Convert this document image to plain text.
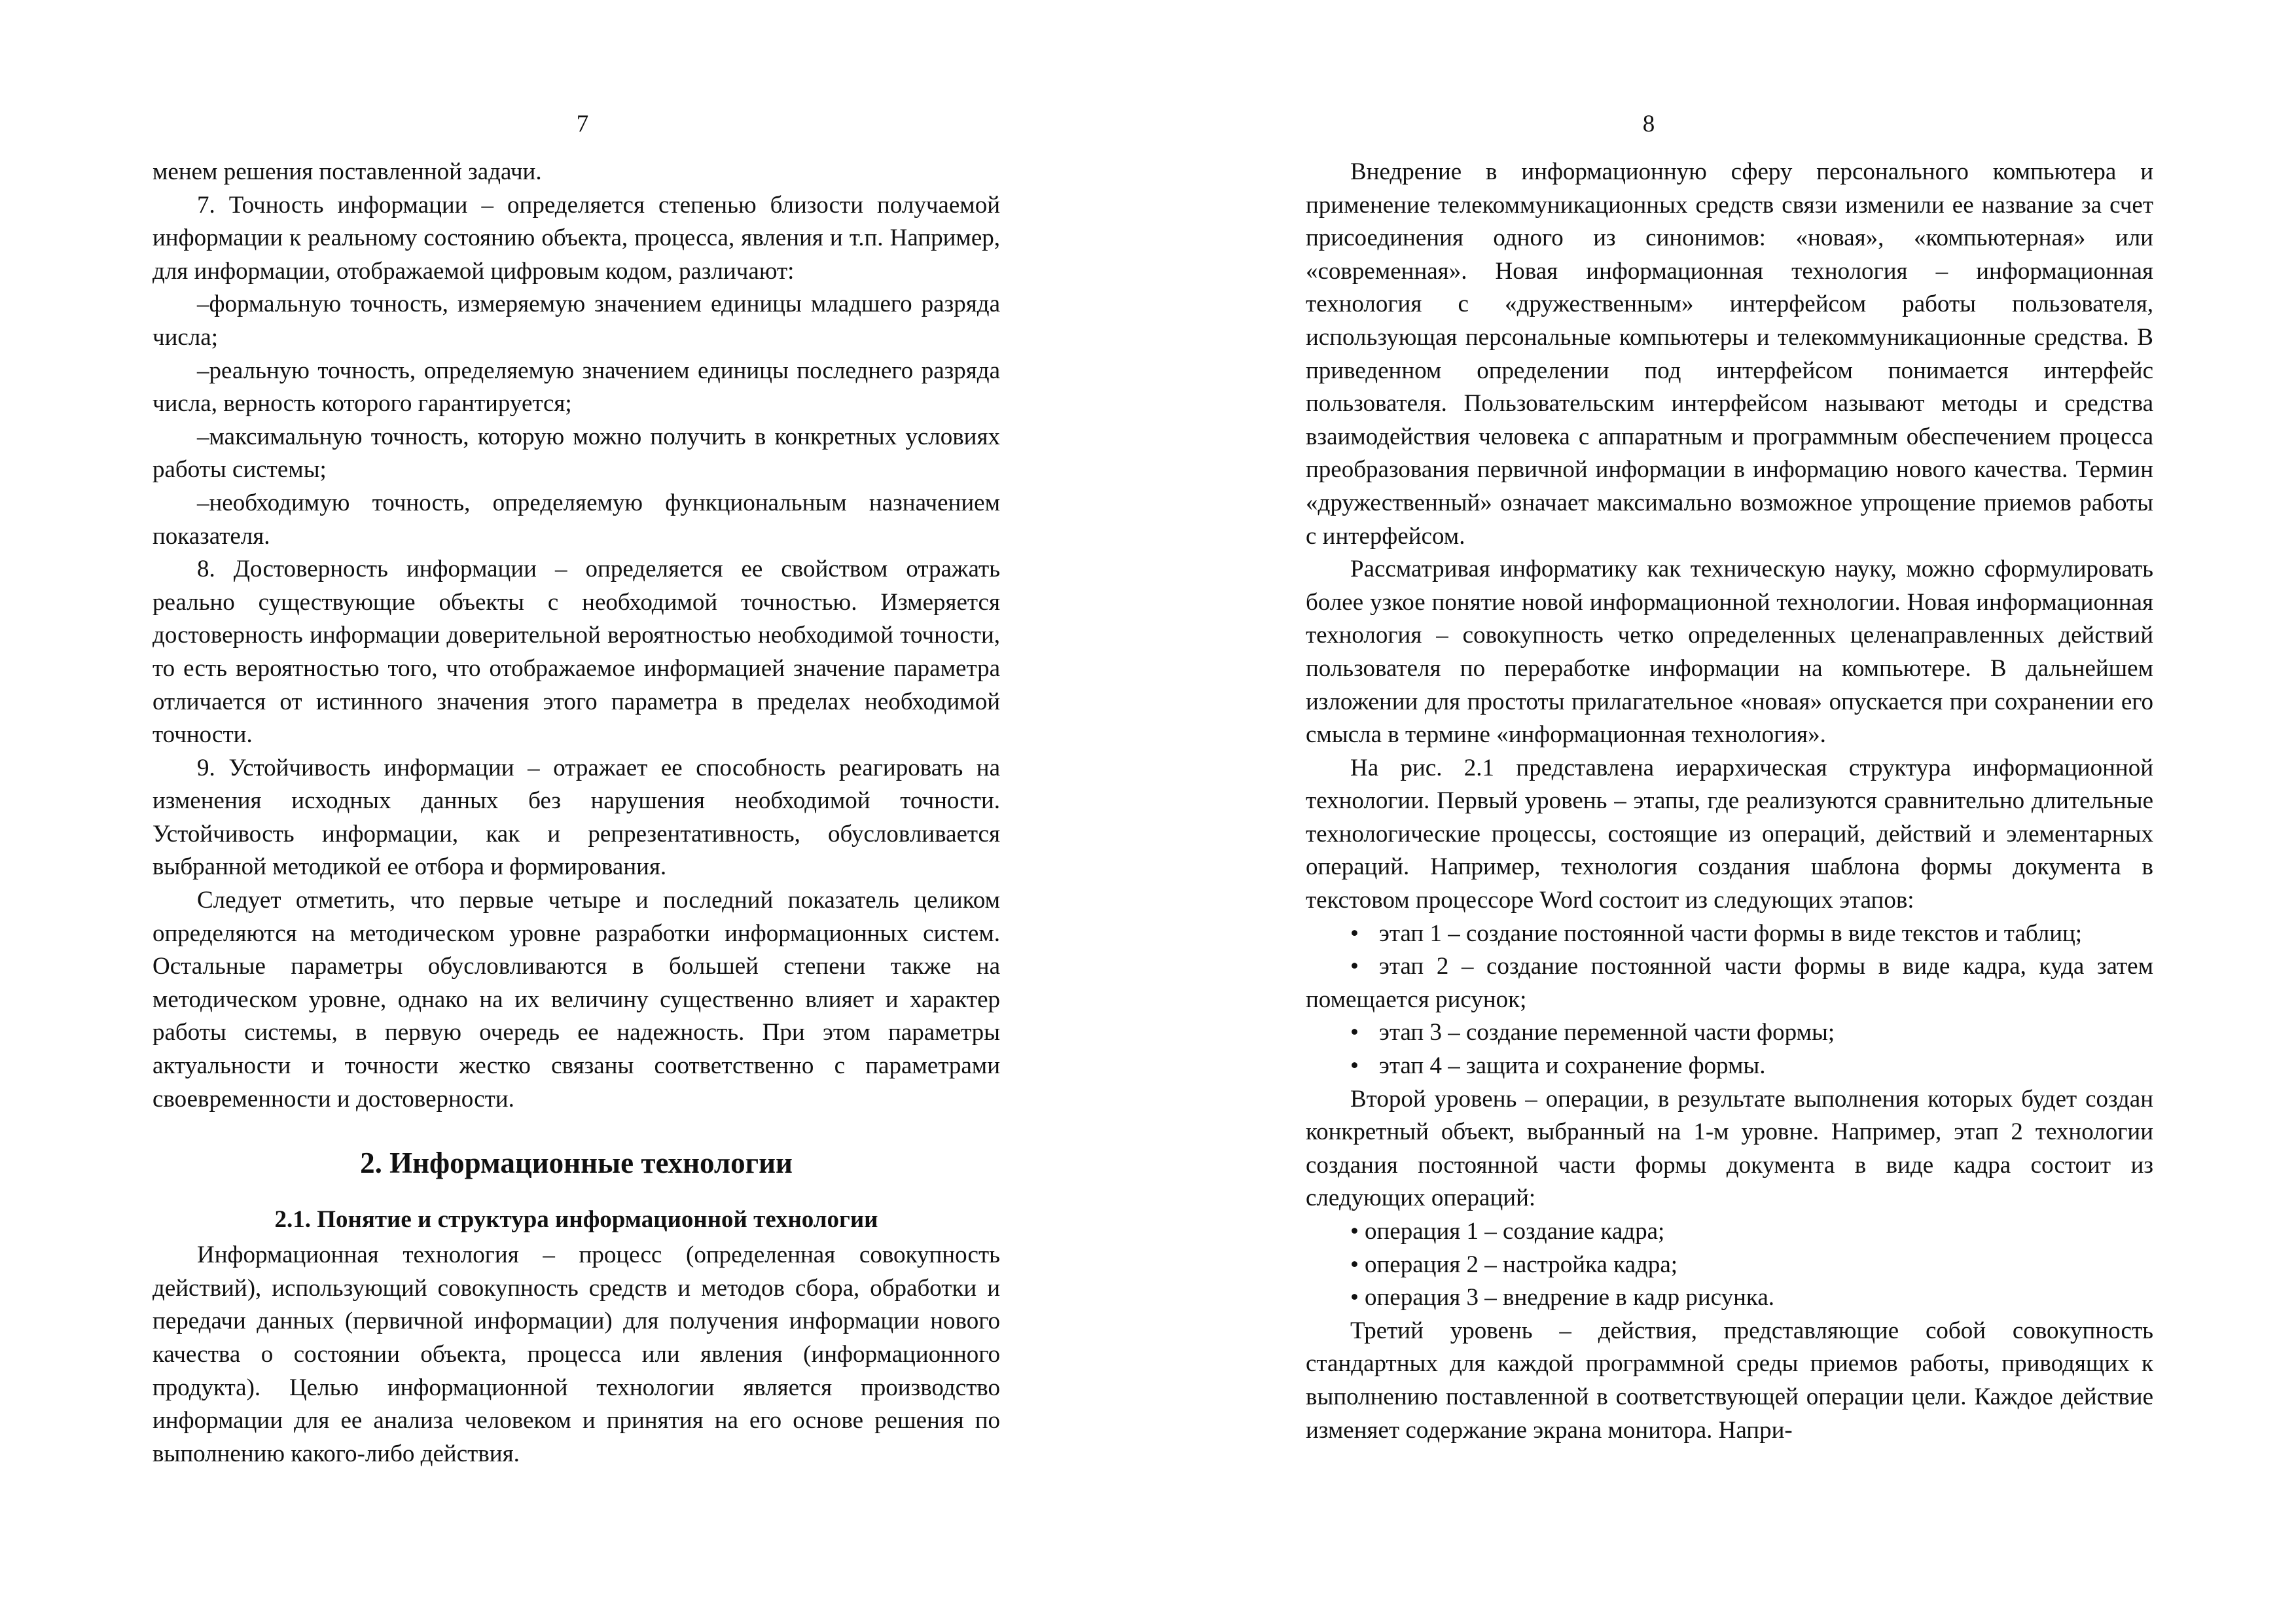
7

менем решения поставленной задачи.

7. Точность информации – определяется степенью близости получаемой информации к реальному состоянию объекта, процесса, явления и т.п. Например, для информации, отображаемой цифровым кодом, различают:

–формальную точность, измеряемую значением единицы младшего разряда числа;

–реальную точность, определяемую значением единицы последнего разряда числа, верность которого гарантируется;

–максимальную точность, которую можно получить в конкретных условиях работы системы;

–необходимую точность, определяемую функциональным назначением показателя.

8. Достоверность информации – определяется ее свойством отражать реально существующие объекты с необходимой точностью. Измеряется достоверность информации доверительной вероятностью необходимой точности, то есть вероятностью того, что отображаемое информацией значение параметра отличается от истинного значения этого параметра в пределах необходимой точности.

9. Устойчивость информации – отражает ее способность реагировать на изменения исходных данных без нарушения необходимой точности. Устойчивость информации, как и репрезентативность, обусловливается выбранной методикой ее отбора и формирования.

Следует отметить, что первые четыре и последний показатель целиком определяются на методическом уровне разработки информационных систем. Остальные параметры обусловливаются в большей степени также на методическом уровне, однако на их величину существенно влияет и характер работы системы, в первую очередь ее надежность. При этом параметры актуальности и точности жестко связаны соответственно с параметрами своевременности и достоверности.

2. Информационные технологии
2.1. Понятие и структура информационной технологии

Информационная технология – процесс (определенная совокупность действий), использующий совокупность средств и методов сбора, обработки и передачи данных (первичной информации) для получения информации нового качества о состоянии объекта, процесса или явления (информационного продукта). Целью информационной технологии является производство информации для ее анализа человеком и принятия на его основе решения по выполнению какого-либо действия.

8

Внедрение в информационную сферу персонального компьютера и применение телекоммуникационных средств связи изменили ее название за счет присоединения одного из синонимов: «новая», «компьютерная» или «современная». Новая информационная технология – информационная технология с «дружественным» интерфейсом работы пользователя, использующая персональные компьютеры и телекоммуникационные средства. В приведенном определении под интерфейсом понимается интерфейс пользователя. Пользовательским интерфейсом называют методы и средства взаимодействия человека с аппаратным и программным обеспечением процесса преобразования первичной информации в информацию нового качества. Термин «дружественный» означает максимально возможное упрощение приемов работы с интерфейсом.

Рассматривая информатику как техническую науку, можно сформулировать более узкое понятие новой информационной технологии. Новая информационная технология – совокупность четко определенных целенаправленных действий пользователя по переработке информации на компьютере. В дальнейшем изложении для простоты прилагательное «новая» опускается при сохранении его смысла в термине «информационная технология».

На рис. 2.1 представлена иерархическая структура информационной технологии. Первый уровень – этапы, где реализуются сравнительно длительные технологические процессы, состоящие из операций, действий и элементарных операций. Например, технология создания шаблона формы документа в текстовом процессоре Word состоит из следующих этапов:

• этап 1 – создание постоянной части формы в виде текстов и таблиц;

• этап 2 – создание постоянной части формы в виде кадра, куда затем помещается рисунок;

• этап 3 – создание переменной части формы;

• этап 4 – защита и сохранение формы.

Второй уровень – операции, в результате выполнения которых будет создан конкретный объект, выбранный на 1-м уровне. Например, этап 2 технологии создания постоянной части формы документа в виде кадра состоит из следующих операций:

• операция 1 – создание кадра;

• операция 2 – настройка кадра;

• операция 3 – внедрение в кадр рисунка.

Третий уровень – действия, представляющие собой совокупность стандартных для каждой программной среды приемов работы, приводящих к выполнению поставленной в соответствующей операции цели. Каждое действие изменяет содержание экрана монитора. Напри-
